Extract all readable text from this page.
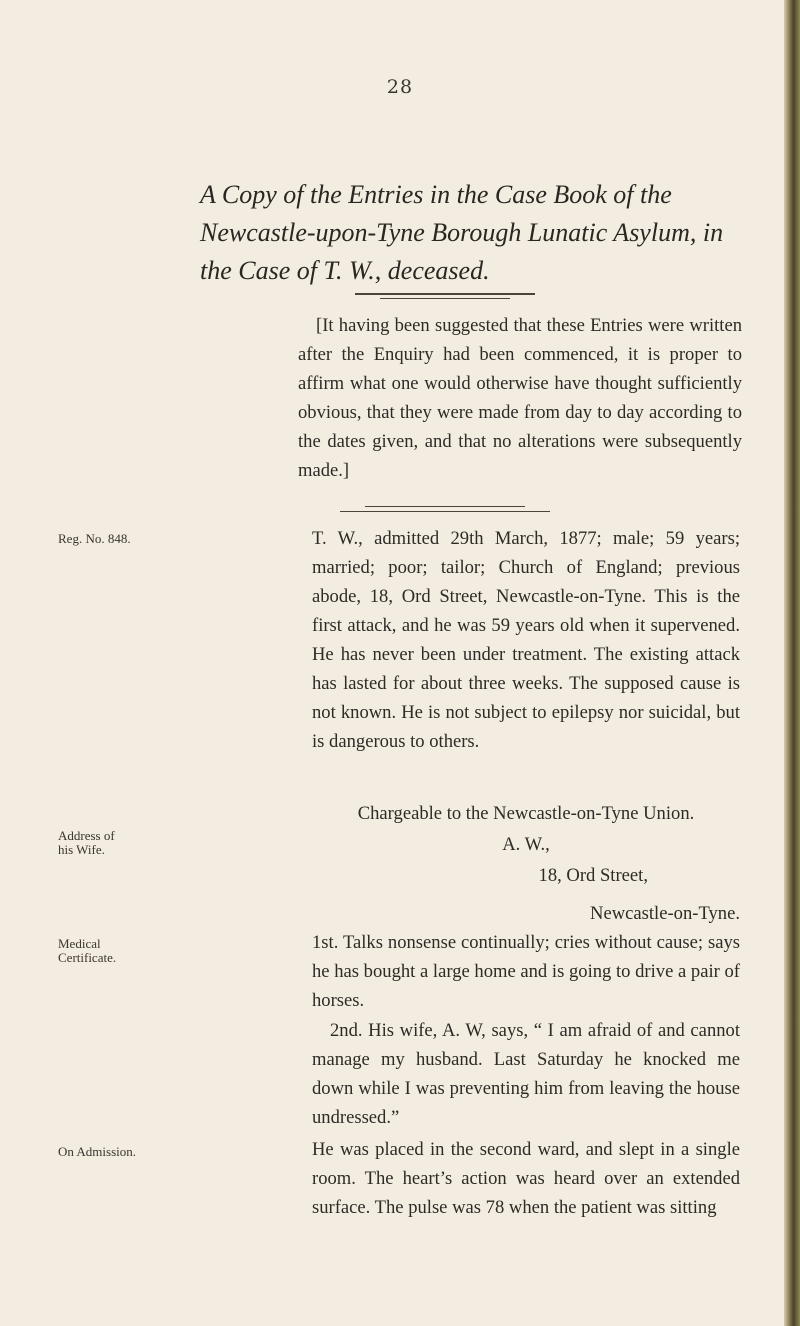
28
A Copy of the Entries in the Case Book of the Newcastle-upon-Tyne Borough Lunatic Asylum, in the Case of T. W., deceased.
[It having been suggested that these Entries were written after the Enquiry had been commenced, it is proper to affirm what one would otherwise have thought sufficiently obvious, that they were made from day to day according to the dates given, and that no alterations were subsequently made.]
Reg. No. 848.	T. W., admitted 29th March, 1877; male; 59 years; married; poor; tailor; Church of England; previous abode, 18, Ord Street, Newcastle-on-Tyne. This is the first attack, and he was 59 years old when it supervened. He has never been under treatment. The existing attack has lasted for about three weeks. The supposed cause is not known. He is not subject to epilepsy nor suicidal, but is dangerous to others.
Chargeable to the Newcastle-on-Tyne Union.
Address of his Wife.	A. W.,
18, Ord Street,
Newcastle-on-Tyne.
Medical Certificate.
1st. Talks nonsense continually; cries without cause; says he has bought a large home and is going to drive a pair of horses.
2nd. His wife, A. W, says, “ I am afraid of and cannot manage my husband. Last Saturday he knocked me down while I was preventing him from leaving the house undressed.”
On Admission.	He was placed in the second ward, and slept in a single room. The heart’s action was heard over an extended surface. The pulse was 78 when the patient was sitting
